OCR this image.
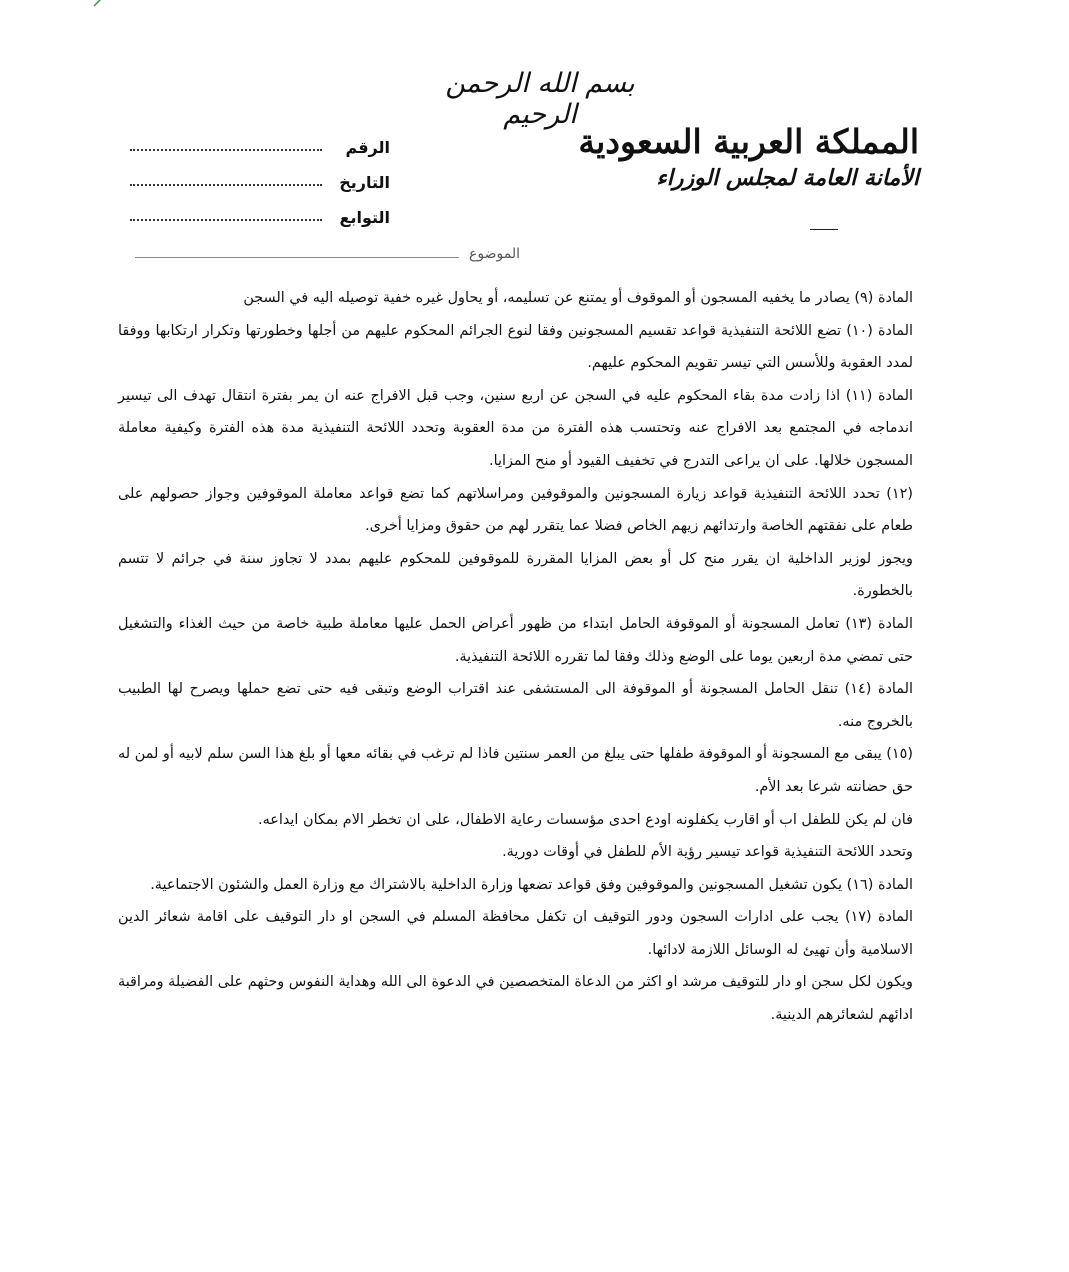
بسم الله الرحمن الرحيم
المملكة العربية السعودية
الأمانة العامة لمجلس الوزراء
الرقم
التاريخ
التوابع
الموضوع

المادة (٩) يصادر ما يخفيه المسجون أو الموقوف أو يمتنع عن تسليمه، أو يحاول غيره خفية توصيله اليه في السجن

المادة (١٠) تضع اللائحة التنفيذية قواعد تقسيم المسجونين وفقا لنوع الجرائم المحكوم عليهم من أجلها وخطورتها وتكرار ارتكابها ووفقا لمدد العقوبة وللأسس التي تيسر تقويم المحكوم عليهم.

المادة (١١) اذا زادت مدة بقاء المحكوم عليه في السجن عن اربع سنين، وجب قبل الافراج عنه ان يمر بفترة انتقال تهدف الى تيسير اندماجه في المجتمع بعد الافراج عنه وتحتسب هذه الفترة من مدة العقوبة وتحدد اللائحة التنفيذية مدة هذه الفترة وكيفية معاملة المسجون خلالها. على ان يراعى التدرج في تخفيف القيود أو منح المزايا.

(١٢) تحدد اللائحة التنفيذية قواعد زيارة المسجونين والموقوفين ومراسلاتهم كما تضع قواعد معاملة الموقوفين وجواز حصولهم على طعام على نفقتهم الخاصة وارتدائهم زيهم الخاص فضلا عما يتقرر لهم من حقوق ومزايا أخرى.

ويجوز لوزير الداخلية ان يقرر منح كل أو بعض المزايا المقررة للموقوفين للمحكوم عليهم بمدد لا تجاوز سنة في جرائم لا تتسم بالخطورة.

المادة (١٣) تعامل المسجونة أو الموقوفة الحامل ابتداء من ظهور أعراض الحمل عليها معاملة طبية خاصة من حيث الغذاء والتشغيل حتى تمضي مدة اربعين يوما على الوضع وذلك وفقا لما تقرره اللائحة التنفيذية.

المادة (١٤) تنقل الحامل المسجونة أو الموقوفة الى المستشفى عند اقتراب الوضع وتبقى فيه حتى تضع حملها ويصرح لها الطبيب بالخروج منه.

(١٥) يبقى مع المسجونة أو الموقوفة طفلها حتى يبلغ من العمر سنتين فاذا لم ترغب في بقائه معها أو بلغ هذا السن سلم لابيه أو لمن له حق حضانته شرعا بعد الأم.

فان لم يكن للطفل اب أو اقارب يكفلونه اودع احدى مؤسسات رعاية الاطفال، على ان تخطر الام بمكان ايداعه.

وتحدد اللائحة التنفيذية قواعد تيسير رؤية الأم للطفل في أوقات دورية.

المادة (١٦) يكون تشغيل المسجونين والموقوفين وفق قواعد تضعها وزارة الداخلية بالاشتراك مع وزارة العمل والشئون الاجتماعية.

المادة (١٧) يجب على ادارات السجون ودور التوقيف ان تكفل محافظة المسلم في السجن او دار التوقيف على اقامة شعائر الدين الاسلامية وأن تهيئ له الوسائل اللازمة لادائها.

ويكون لكل سجن او دار للتوقيف مرشد او اكثر من الدعاة المتخصصين في الدعوة الى الله وهداية النفوس وحثهم على الفضيلة ومراقبة ادائهم لشعائرهم الدينية.
